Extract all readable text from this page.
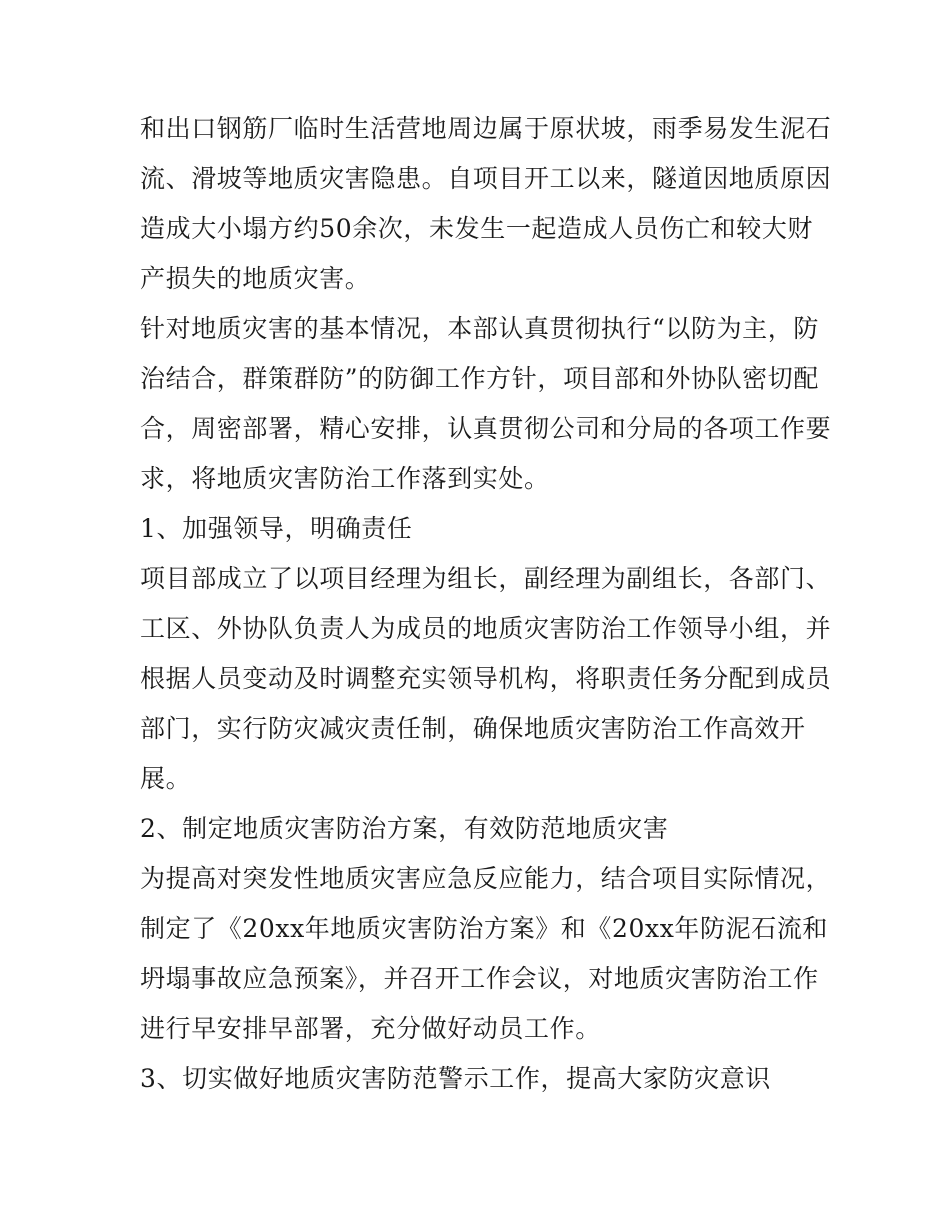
和出口钢筋厂临时生活营地周边属于原状坡，雨季易发生泥石
流、滑坡等地质灾害隐患。自项目开工以来，隧道因地质原因
造成大小塌方约50余次，未发生一起造成人员伤亡和较大财
产损失的地质灾害。
针对地质灾害的基本情况，本部认真贯彻执行“以防为主，防
治结合，群策群防”的防御工作方针，项目部和外协队密切配
合，周密部署，精心安排，认真贯彻公司和分局的各项工作要
求，将地质灾害防治工作落到实处。
1、加强领导，明确责任
项目部成立了以项目经理为组长，副经理为副组长，各部门、
工区、外协队负责人为成员的地质灾害防治工作领导小组，并
根据人员变动及时调整充实领导机构，将职责任务分配到成员
部门，实行防灾减灾责任制，确保地质灾害防治工作高效开
展。
2、制定地质灾害防治方案，有效防范地质灾害
为提高对突发性地质灾害应急反应能力，结合项目实际情况，
制定了《20xx年地质灾害防治方案》和《20xx年防泥石流和
坍塌事故应急预案》，并召开工作会议，对地质灾害防治工作
进行早安排早部署，充分做好动员工作。
3、切实做好地质灾害防范警示工作，提高大家防灾意识
